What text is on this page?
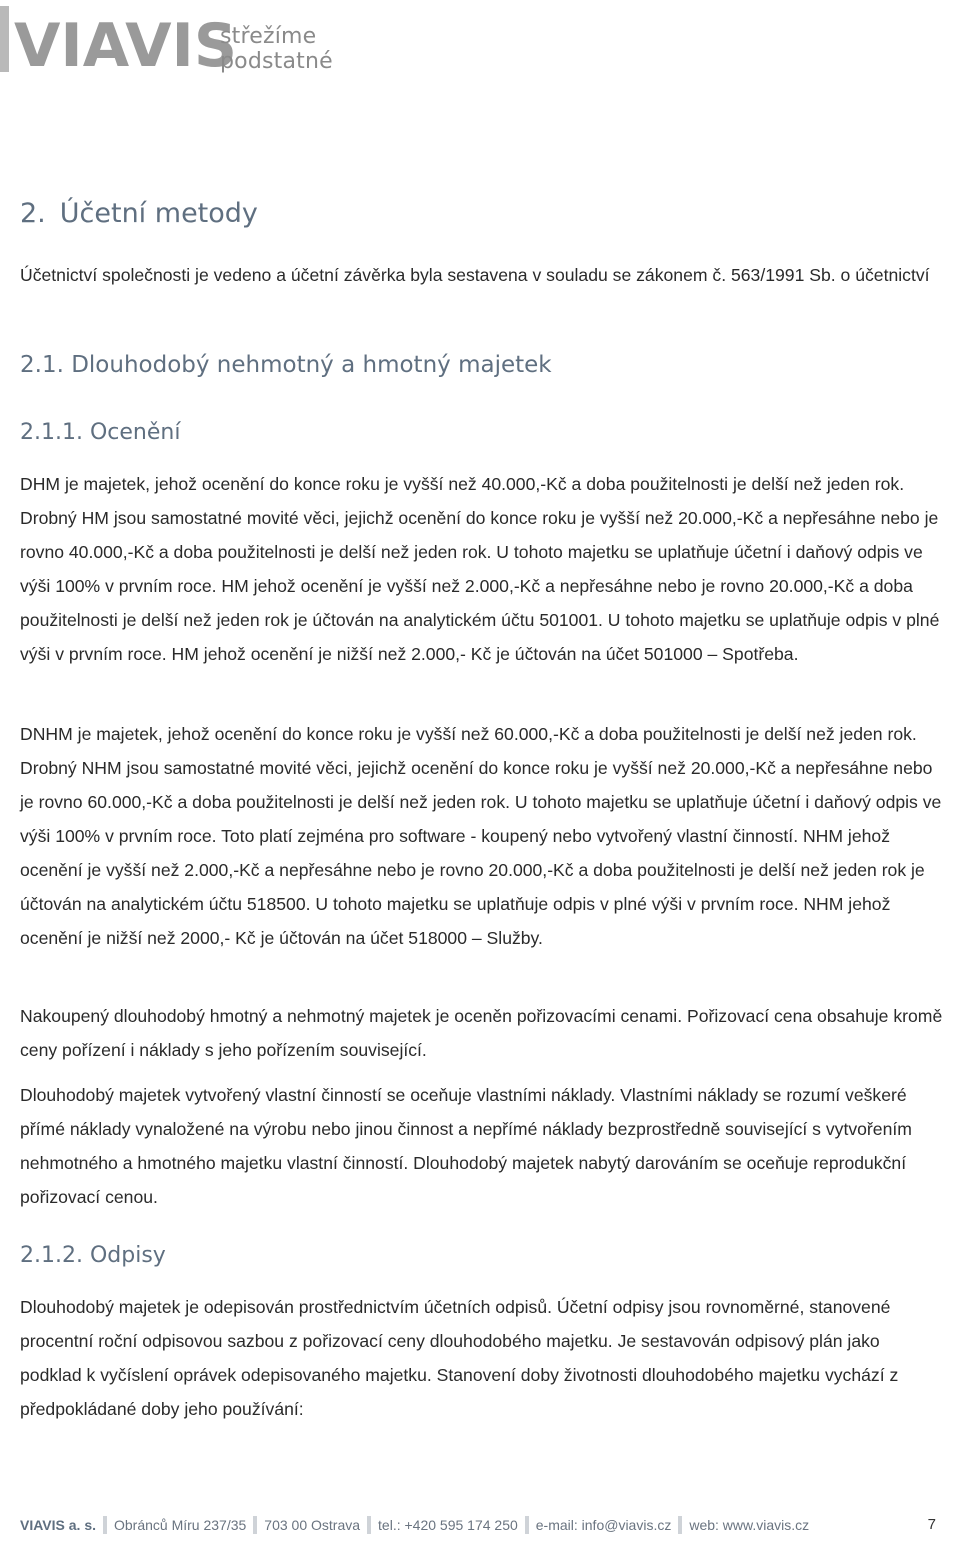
VIAVIS
střežíme podstatné
2. Účetní metody

Účetnictví společnosti je vedeno a účetní závěrka byla sestavena v souladu se zákonem č. 563/1991 Sb. o účetnictví

2.1. Dlouhodobý nehmotný a hmotný majetek
2.1.1. Ocenění

DHM je majetek, jehož ocenění do konce roku je vyšší než 40.000,-Kč a doba použitelnosti je delší než jeden rok. Drobný HM jsou samostatné movité věci, jejichž ocenění do konce roku je vyšší než 20.000,-Kč a nepřesáhne nebo je rovno 40.000,-Kč a doba použitelnosti je delší než jeden rok. U tohoto majetku se uplatňuje účetní i daňový odpis ve výši 100% v prvním roce. HM jehož ocenění je vyšší než 2.000,-Kč a nepřesáhne nebo je rovno 20.000,-Kč a doba použitelnosti je delší než jeden rok je účtován na analytickém účtu 501001. U tohoto majetku se uplatňuje odpis v plné výši v prvním roce. HM jehož ocenění je nižší než 2.000,- Kč je účtován na účet 501000 – Spotřeba.

DNHM je majetek, jehož ocenění do konce roku je vyšší než 60.000,-Kč a doba použitelnosti je delší než jeden rok. Drobný NHM jsou samostatné movité věci, jejichž ocenění do konce roku je vyšší než 20.000,-Kč a nepřesáhne nebo je rovno 60.000,-Kč a doba použitelnosti je delší než jeden rok. U tohoto majetku se uplatňuje účetní i daňový odpis ve výši 100% v prvním roce. Toto platí zejména pro software - koupený nebo vytvořený vlastní činností. NHM jehož ocenění je vyšší než 2.000,-Kč a nepřesáhne nebo je rovno 20.000,-Kč a doba použitelnosti je delší než jeden rok je účtován na analytickém účtu 518500. U tohoto majetku se uplatňuje odpis v plné výši v prvním roce. NHM jehož ocenění je nižší než 2000,- Kč je účtován na účet 518000 – Služby.

Nakoupený dlouhodobý hmotný a nehmotný majetek je oceněn pořizovacími cenami. Pořizovací cena obsahuje kromě ceny pořízení i náklady s jeho pořízením související.

Dlouhodobý majetek vytvořený vlastní činností se oceňuje vlastními náklady. Vlastními náklady se rozumí veškeré přímé náklady vynaložené na výrobu nebo jinou činnost a nepřímé náklady bezprostředně související s vytvořením nehmotného a hmotného majetku vlastní činností. Dlouhodobý majetek nabytý darováním se oceňuje reprodukční pořizovací cenou.

2.1.2. Odpisy

Dlouhodobý majetek je odepisován prostřednictvím účetních odpisů. Účetní odpisy jsou rovnoměrné, stanovené procentní roční odpisovou sazbou z pořizovací ceny dlouhodobého majetku. Je sestavován odpisový plán jako podklad k vyčíslení oprávek odepisovaného majetku. Stanovení doby životnosti dlouhodobého majetku vychází z předpokládané doby jeho používání:

VIAVIS a. s. Obránců Míru 237/35 703 00 Ostrava tel.: +420 595 174 250 e-mail: info@viavis.cz web: www.viavis.cz	7
